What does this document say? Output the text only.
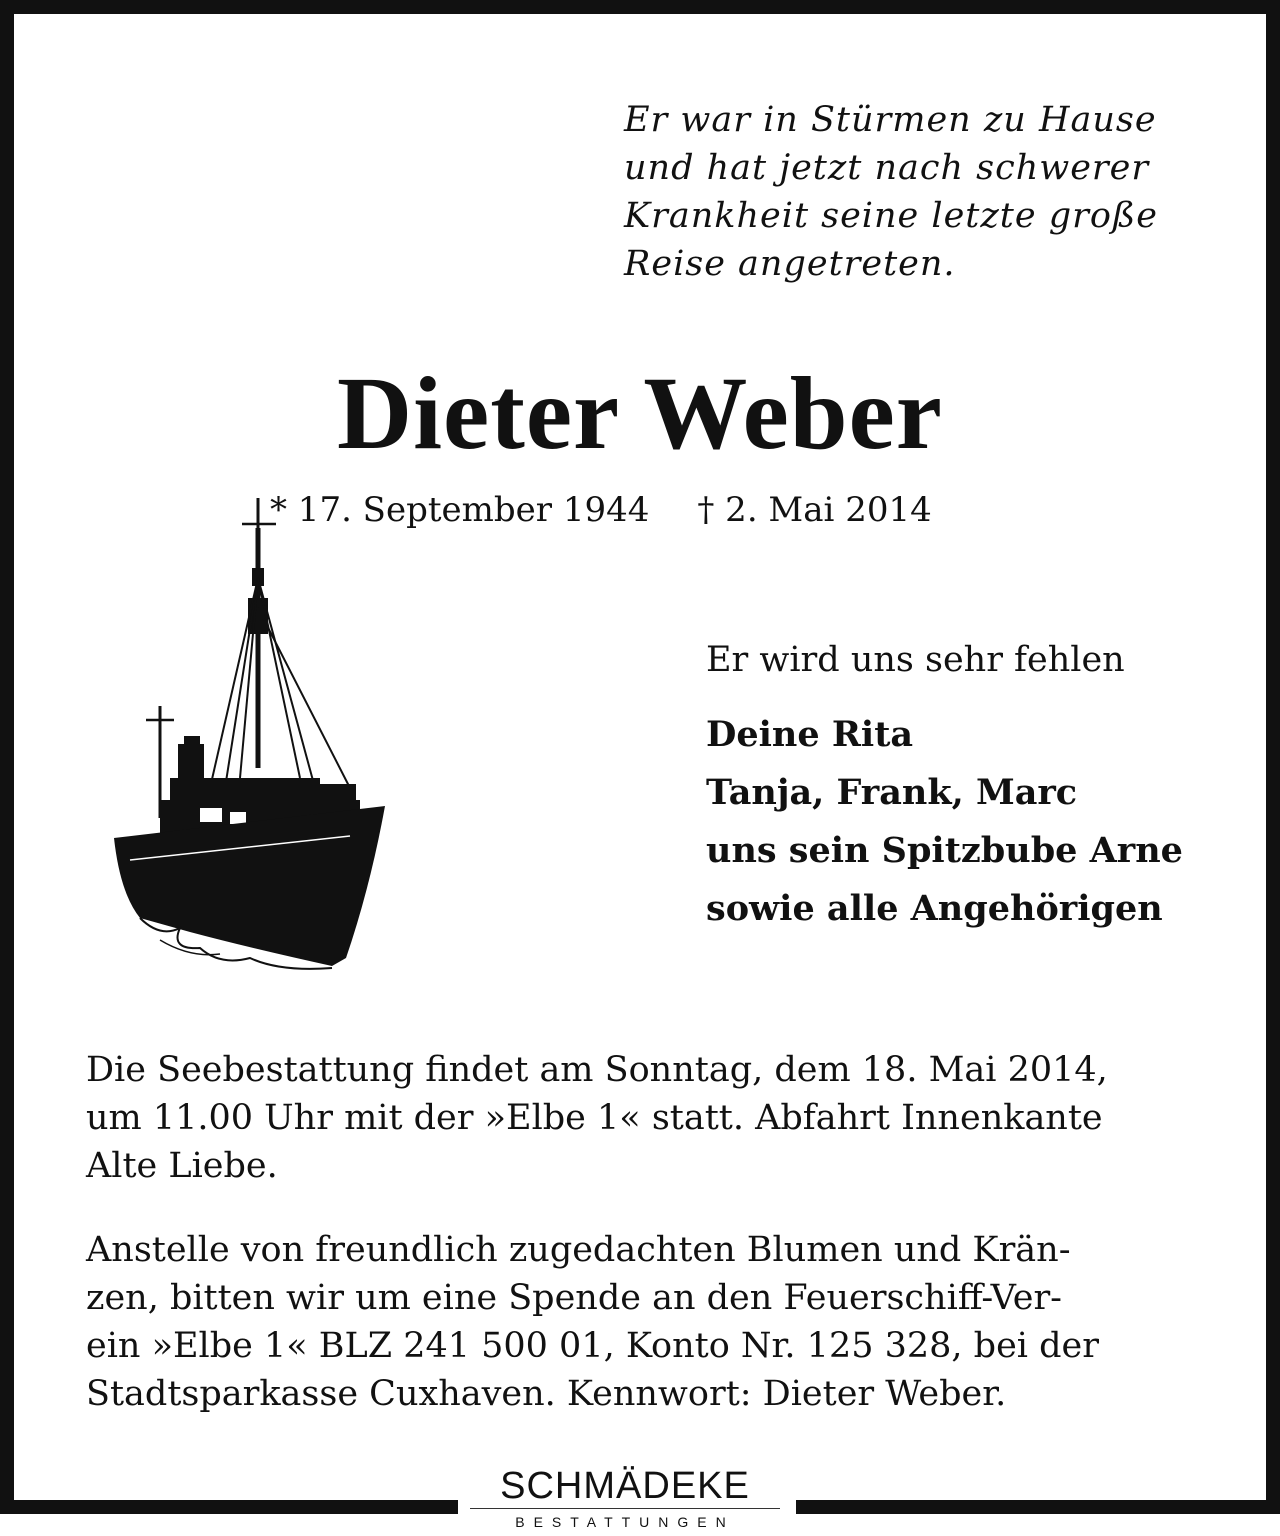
Er war in Stürmen zu Hause
und hat jetzt nach schwerer
Krankheit seine letzte große
Reise angetreten.
Dieter Weber
* 17. September 1944 † 2. Mai 2014
Er wird uns sehr fehlen
Deine Rita
Tanja, Frank, Marc
uns sein Spitzbube Arne
sowie alle Angehörigen
Die Seebestattung findet am Sonntag, dem 18. Mai 2014,
um 11.00 Uhr mit der »Elbe 1« statt. Abfahrt Innenkante
Alte Liebe.
Anstelle von freundlich zugedachten Blumen und Krän-
zen, bitten wir um eine Spende an den Feuerschiff-Ver-
ein »Elbe 1« BLZ 241 500 01, Konto Nr. 125 328, bei der
Stadtsparkasse Cuxhaven. Kennwort: Dieter Weber.
SCHMÄDEKE
BESTATTUNGEN
